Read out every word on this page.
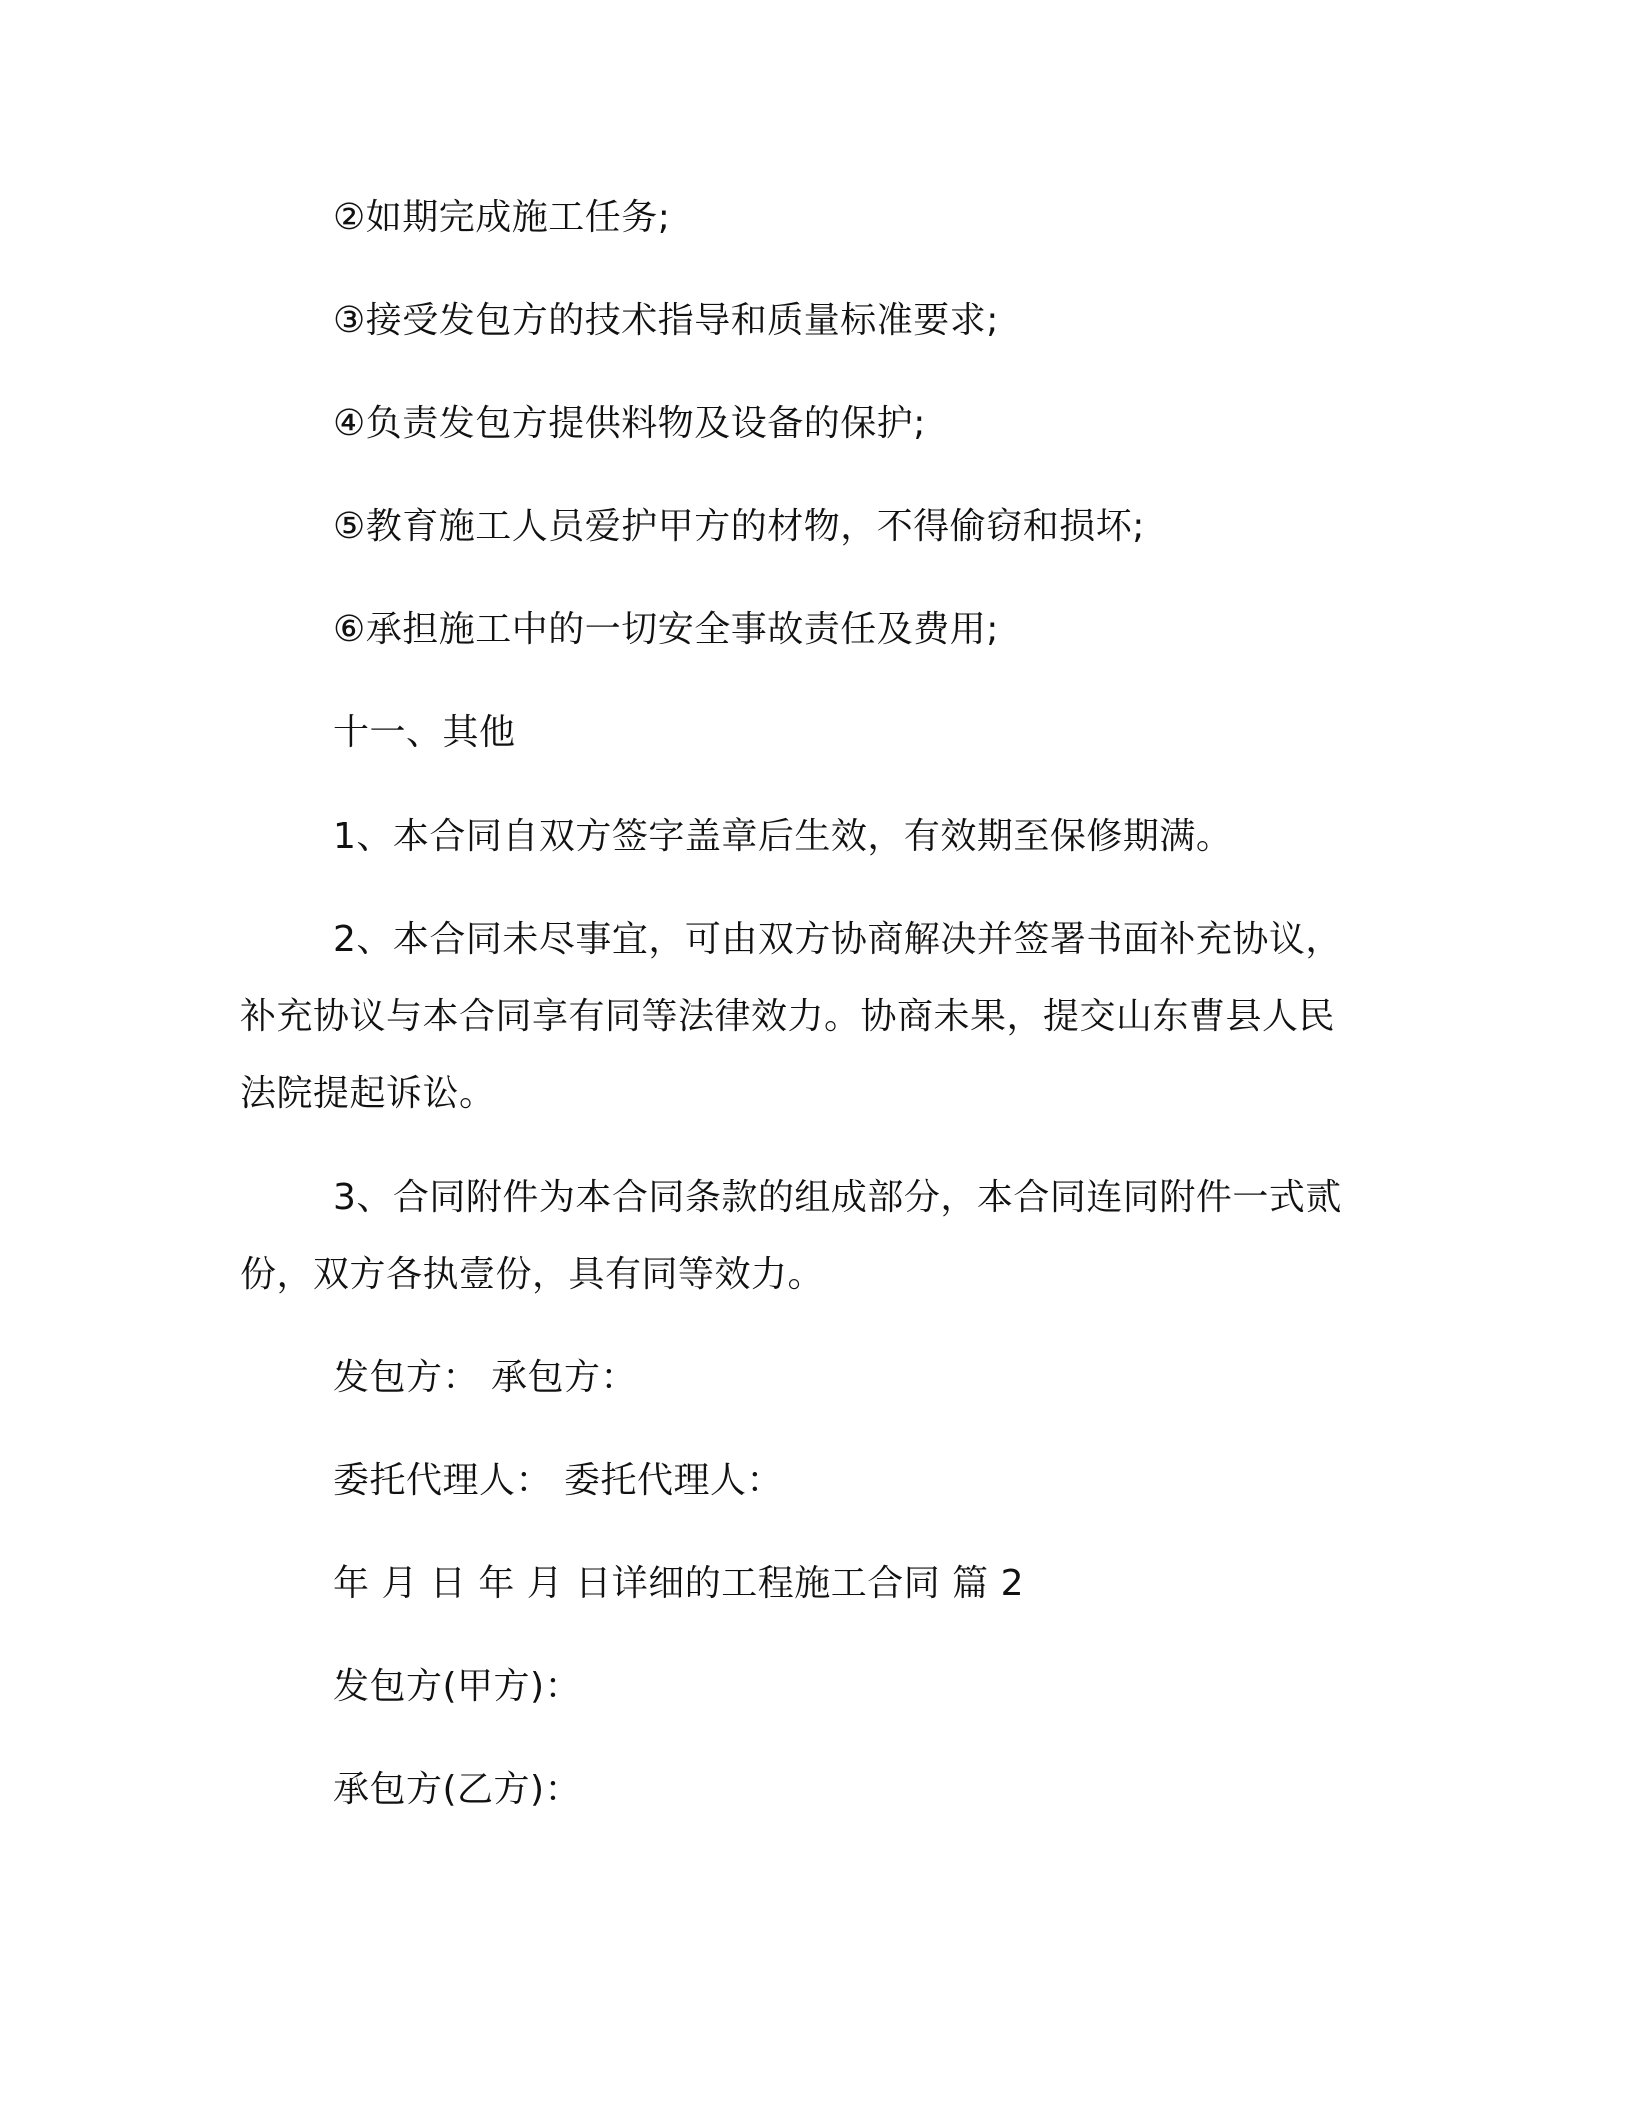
②如期完成施工任务;
③接受发包方的技术指导和质量标准要求;
④负责发包方提供料物及设备的保护;
⑤教育施工人员爱护甲方的材物，不得偷窃和损坏;
⑥承担施工中的一切安全事故责任及费用;
十一、其他
1、本合同自双方签字盖章后生效，有效期至保修期满。
2、本合同未尽事宜，可由双方协商解决并签署书面补充协议，
补充协议与本合同享有同等法律效力。协商未果，提交山东曹县人民
法院提起诉讼。
3、合同附件为本合同条款的组成部分，本合同连同附件一式贰
份，双方各执壹份，具有同等效力。
发包方： 承包方：
委托代理人： 委托代理人：
年 月 日 年 月 日详细的工程施工合同 篇 2
发包方(甲方)：
承包方(乙方)：
